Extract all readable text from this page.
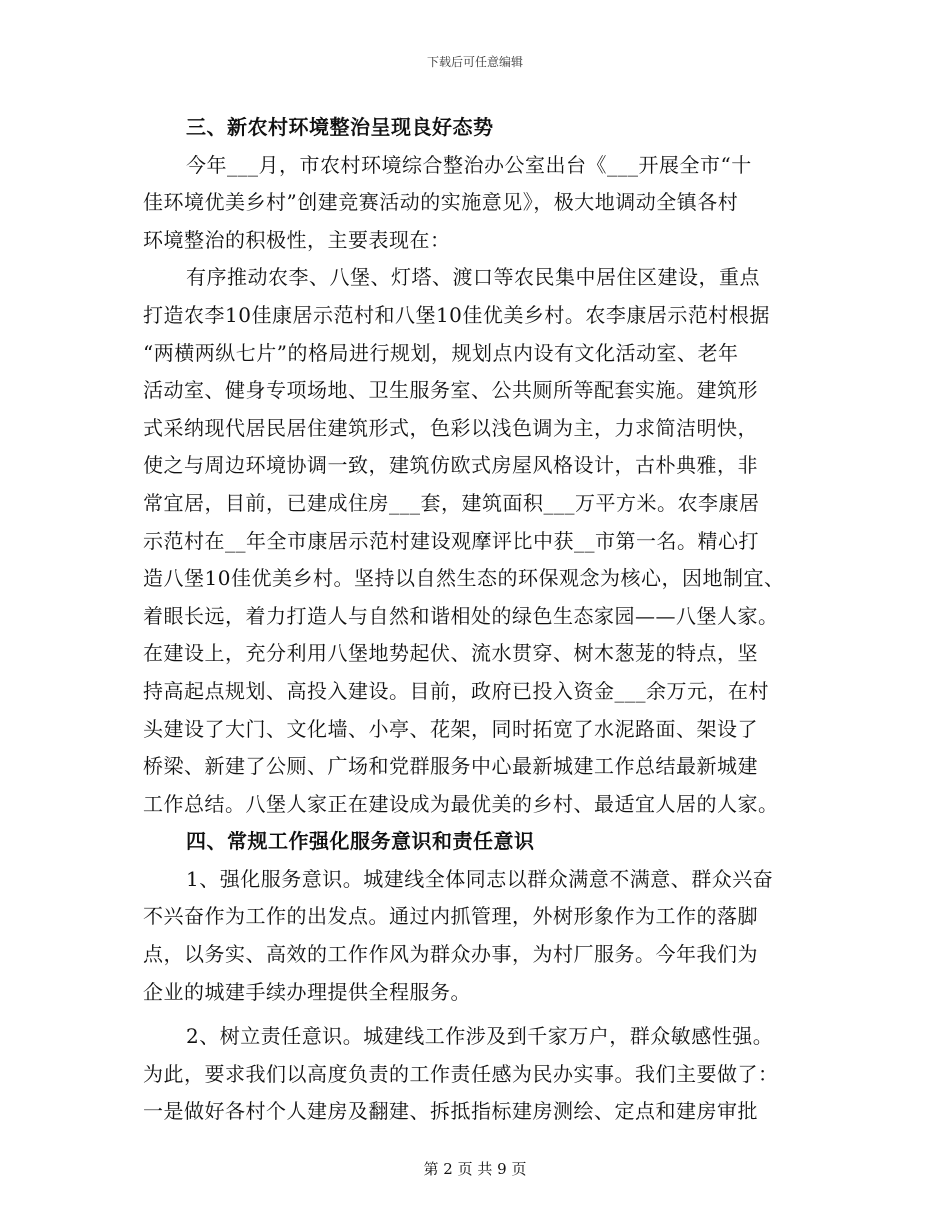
下载后可任意编辑
三、新农村环境整治呈现良好态势
今年___月，市农村环境综合整治办公室出台《___开展全市“十
佳环境优美乡村”创建竞赛活动的实施意见》，极大地调动全镇各村
环境整治的积极性，主要表现在：
有序推动农李、八堡、灯塔、渡口等农民集中居住区建设，重点
打造农李10佳康居示范村和八堡10佳优美乡村。农李康居示范村根据
“两横两纵七片”的格局进行规划，规划点内设有文化活动室、老年
活动室、健身专项场地、卫生服务室、公共厕所等配套实施。建筑形
式采纳现代居民居住建筑形式，色彩以浅色调为主，力求简洁明快，
使之与周边环境协调一致，建筑仿欧式房屋风格设计，古朴典雅，非
常宜居，目前，已建成住房___套，建筑面积___万平方米。农李康居
示范村在__年全市康居示范村建设观摩评比中获__市第一名。精心打
造八堡10佳优美乡村。坚持以自然生态的环保观念为核心，因地制宜、
着眼长远，着力打造人与自然和谐相处的绿色生态家园——八堡人家。
在建设上，充分利用八堡地势起伏、流水贯穿、树木葱茏的特点，坚
持高起点规划、高投入建设。目前，政府已投入资金___余万元，在村
头建设了大门、文化墙、小亭、花架，同时拓宽了水泥路面、架设了
桥梁、新建了公厕、广场和党群服务中心最新城建工作总结最新城建
工作总结。八堡人家正在建设成为最优美的乡村、最适宜人居的人家。
四、常规工作强化服务意识和责任意识
1、强化服务意识。城建线全体同志以群众满意不满意、群众兴奋
不兴奋作为工作的出发点。通过内抓管理，外树形象作为工作的落脚
点，以务实、高效的工作作风为群众办事，为村厂服务。今年我们为
企业的城建手续办理提供全程服务。
2、树立责任意识。城建线工作涉及到千家万户，群众敏感性强。
为此，要求我们以高度负责的工作责任感为民办实事。我们主要做了：
一是做好各村个人建房及翻建、拆抵指标建房测绘、定点和建房审批
第 2 页 共 9 页
